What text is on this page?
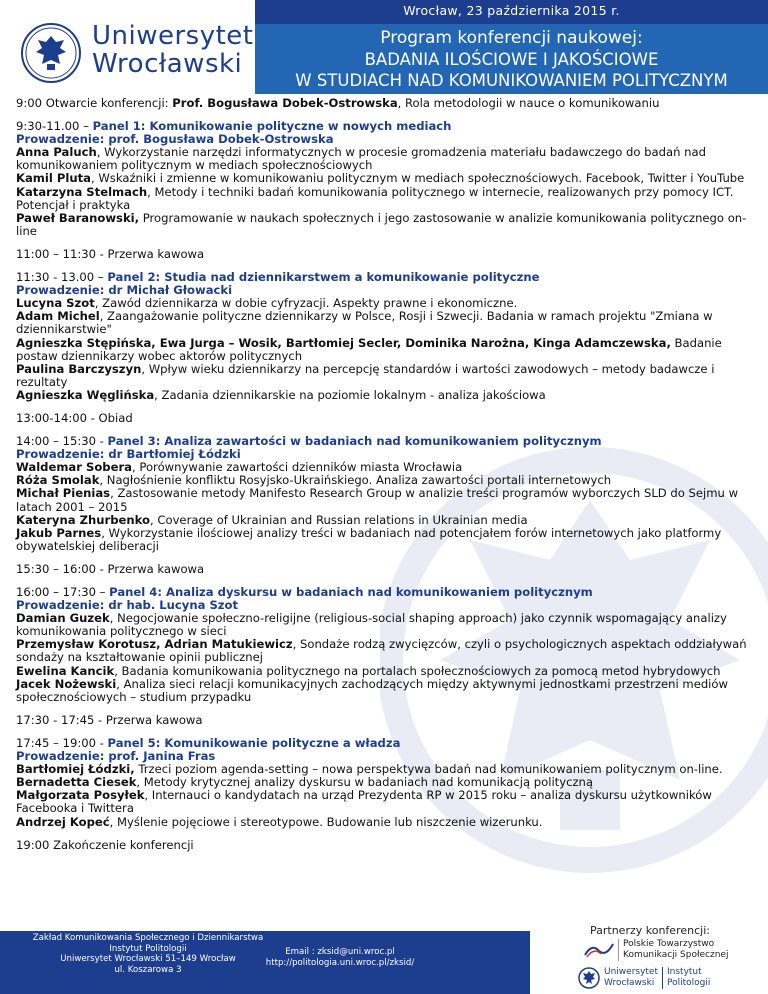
Uniwersytet
Wrocławski
Wrocław, 23 października 2015 r.
Program konferencji naukowej:
BADANIA ILOŚCIOWE I JAKOŚCIOWE
W STUDIACH NAD KOMUNIKOWANIEM POLITYCZNYM
9:00 Otwarcie konferencji: Prof. Bogusława Dobek-Ostrowska, Rola metodologii w nauce o komunikowaniu
9:30-11.00 – Panel 1: Komunikowanie polityczne w nowych mediach
Prowadzenie: prof. Bogusława Dobek-Ostrowska
Anna Paluch, Wykorzystanie narzędzi informatycznych w procesie gromadzenia materiału badawczego do badań nad komunikowaniem politycznym w mediach społecznościowych
Kamil Pluta, Wskaźniki i zmienne w komunikowaniu politycznym w mediach społecznościowych. Facebook, Twitter i YouTube
Katarzyna Stelmach, Metody i techniki badań komunikowania politycznego w internecie, realizowanych przy pomocy ICT. Potencjał i praktyka
Paweł Baranowski, Programowanie w naukach społecznych i jego zastosowanie w analizie komunikowania politycznego on-line
11:00 – 11:30 - Przerwa kawowa
11:30 - 13.00 – Panel 2: Studia nad dziennikarstwem a komunikowanie polityczne
Prowadzenie: dr Michał Głowacki
Lucyna Szot, Zawód dziennikarza w dobie cyfryzacji. Aspekty prawne i ekonomiczne.
Adam Michel, Zaangażowanie polityczne dziennikarzy w Polsce, Rosji i Szwecji. Badania w ramach projektu "Zmiana w dziennikarstwie"
Agnieszka Stępińska, Ewa Jurga – Wosik, Bartłomiej Secler, Dominika Narożna, Kinga Adamczewska, Badanie postaw dziennikarzy wobec aktorów politycznych
Paulina Barczyszyn, Wpływ wieku dziennikarzy na percepcję standardów i wartości zawodowych – metody badawcze i rezultaty
Agnieszka Węglińska, Zadania dziennikarskie na poziomie lokalnym - analiza jakościowa
13:00-14:00 - Obiad
14:00 – 15:30 - Panel 3: Analiza zawartości w badaniach nad komunikowaniem politycznym
Prowadzenie: dr Bartłomiej Łódzki
Waldemar Sobera, Porównywanie zawartości dzienników miasta Wrocławia
Róża Smolak, Nagłośnienie konfliktu Rosyjsko-Ukraińskiego. Analiza zawartości portali internetowych
Michał Pienias, Zastosowanie metody Manifesto Research Group w analizie treści programów wyborczych SLD do Sejmu w latach 2001 – 2015
Kateryna Zhurbenko, Coverage of Ukrainian and Russian relations in Ukrainian media
Jakub Parnes, Wykorzystanie ilościowej analizy treści w badaniach nad potencjałem forów internetowych jako platformy obywatelskiej deliberacji
15:30 – 16:00 - Przerwa kawowa
16:00 – 17:30 – Panel 4: Analiza dyskursu w badaniach nad komunikowaniem politycznym
Prowadzenie: dr hab. Lucyna Szot
Damian Guzek, Negocjowanie społeczno-religijne (religious-social shaping approach) jako czynnik wspomagający analizy komunikowania politycznego w sieci
Przemysław Korotusz, Adrian Matukiewicz, Sondaże rodzą zwycięzców, czyli o psychologicznych aspektach oddziaływań sondaży na kształtowanie opinii publicznej
Ewelina Kancik, Badania komunikowania politycznego na portalach społecznościowych za pomocą metod hybrydowych
Jacek Nożewski, Analiza sieci relacji komunikacyjnych zachodzących między aktywnymi jednostkami przestrzeni mediów społecznościowych – studium przypadku
17:30 - 17:45 - Przerwa kawowa
17:45 – 19:00 - Panel 5: Komunikowanie polityczne a władza
Prowadzenie: prof. Janina Fras
Bartłomiej Łódzki, Trzeci poziom agenda-setting – nowa perspektywa badań nad komunikowaniem politycznym on-line.
Bernadetta Ciesek, Metody krytycznej analizy dyskursu w badaniach nad komunikacją polityczną
Małgorzata Posyłek, Internauci o kandydatach na urząd Prezydenta RP w 2015 roku – analiza dyskursu użytkowników Facebooka i Twittera
Andrzej Kopeć, Myślenie pojęciowe i stereotypowe. Budowanie lub niszczenie wizerunku.
19:00 Zakończenie konferencji
Zakład Komunikowania Społecznego i Dziennikarstwa
Instytut Politologii
Uniwersytet Wrocławski 51–149 Wrocław
ul. Koszarowa 3
Email : zksid@uni.wroc.pl
http://politologia.uni.wroc.pl/zksid/
Partnerzy konferencji:
Polskie Towarzystwo
Komunikacji Społecznej
Uniwersytet
Wrocławski
Instytut
Politologii
